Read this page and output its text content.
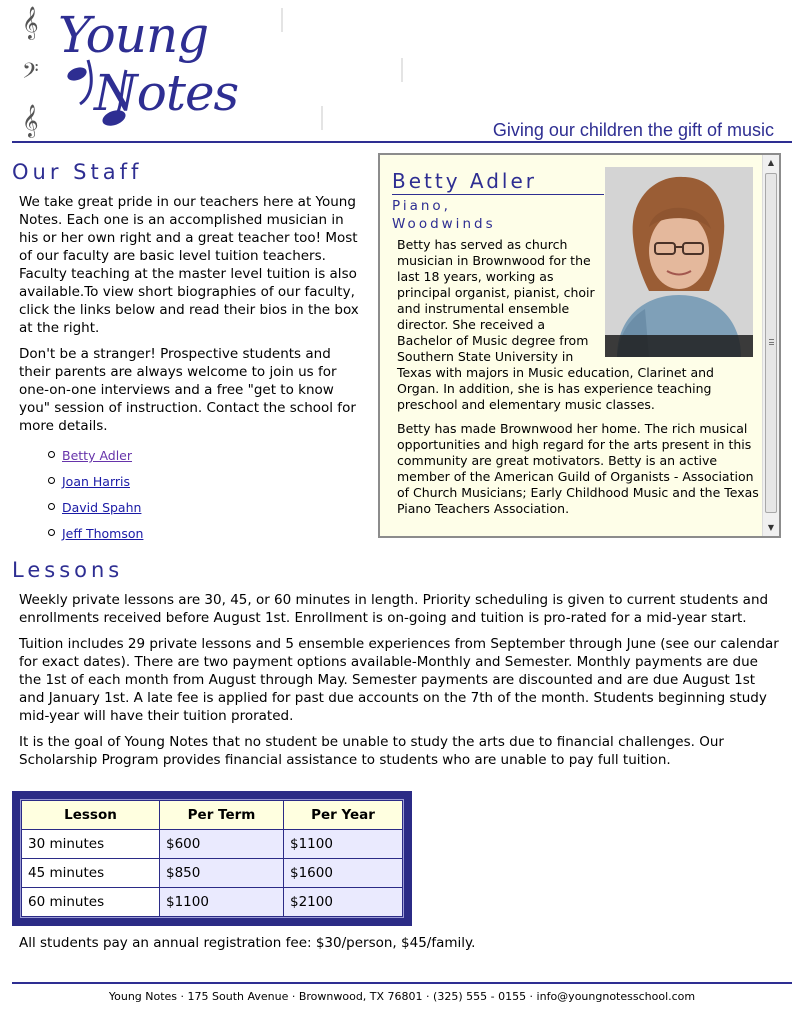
𝄞
𝄢
𝄞
Young
Notes
Giving our children the gift of music
Our Staff

We take great pride in our teachers here at Young Notes. Each one is an accomplished musician in his or her own right and a great teacher too! Most of our faculty are basic level tuition teachers. Faculty teaching at the master level tuition is also available.To view short biographies of our faculty, click the links below and read their bios in the box at the right.

Don't be a stranger! Prospective students and their parents are always welcome to join us for one-on-one interviews and a free "get to know you" session of instruction. Contact the school for more details.

Betty Adler
Joan Harris
David Spahn
Jeff Thomson
Betty Adler
Piano, Woodwinds

Betty has served as church musician in Brownwood for the last 18 years, working as principal organist, pianist, choir and instrumental ensemble director. She received a Bachelor of Music degree from Southern State University in Texas with majors in Music education, Clarinet and Organ. In addition, she is has experience teaching preschool and elementary music classes.

Betty has made Brownwood her home. The rich musical opportunities and high regard for the arts present in this community are great motivators. Betty is an active member of the American Guild of Organists - Association of Church Musicians; Early Childhood Music and the Texas Piano Teachers Association.

▲
▼
Lessons

Weekly private lessons are 30, 45, or 60 minutes in length. Priority scheduling is given to current students and enrollments received before August 1st. Enrollment is on-going and tuition is pro-rated for a mid-year start.

Tuition includes 29 private lessons and 5 ensemble experiences from September through June (see our calendar for exact dates). There are two payment options available-Monthly and Semester. Monthly payments are due the 1st of each month from August through May. Semester payments are discounted and are due August 1st and January 1st. A late fee is applied for past due accounts on the 7th of the month. Students beginning study mid-year will have their tuition prorated.

It is the goal of Young Notes that no student be unable to study the arts due to financial challenges. Our Scholarship Program provides financial assistance to students who are unable to pay full tuition.

Lesson	Per Term	Per Year
30 minutes	$600	$1100
45 minutes	$850	$1600
60 minutes	$1100	$2100

All students pay an annual registration fee: $30/person, $45/family.

Young Notes · 175 South Avenue · Brownwood, TX 76801 · (325) 555 - 0155 · info@youngnotesschool.com
